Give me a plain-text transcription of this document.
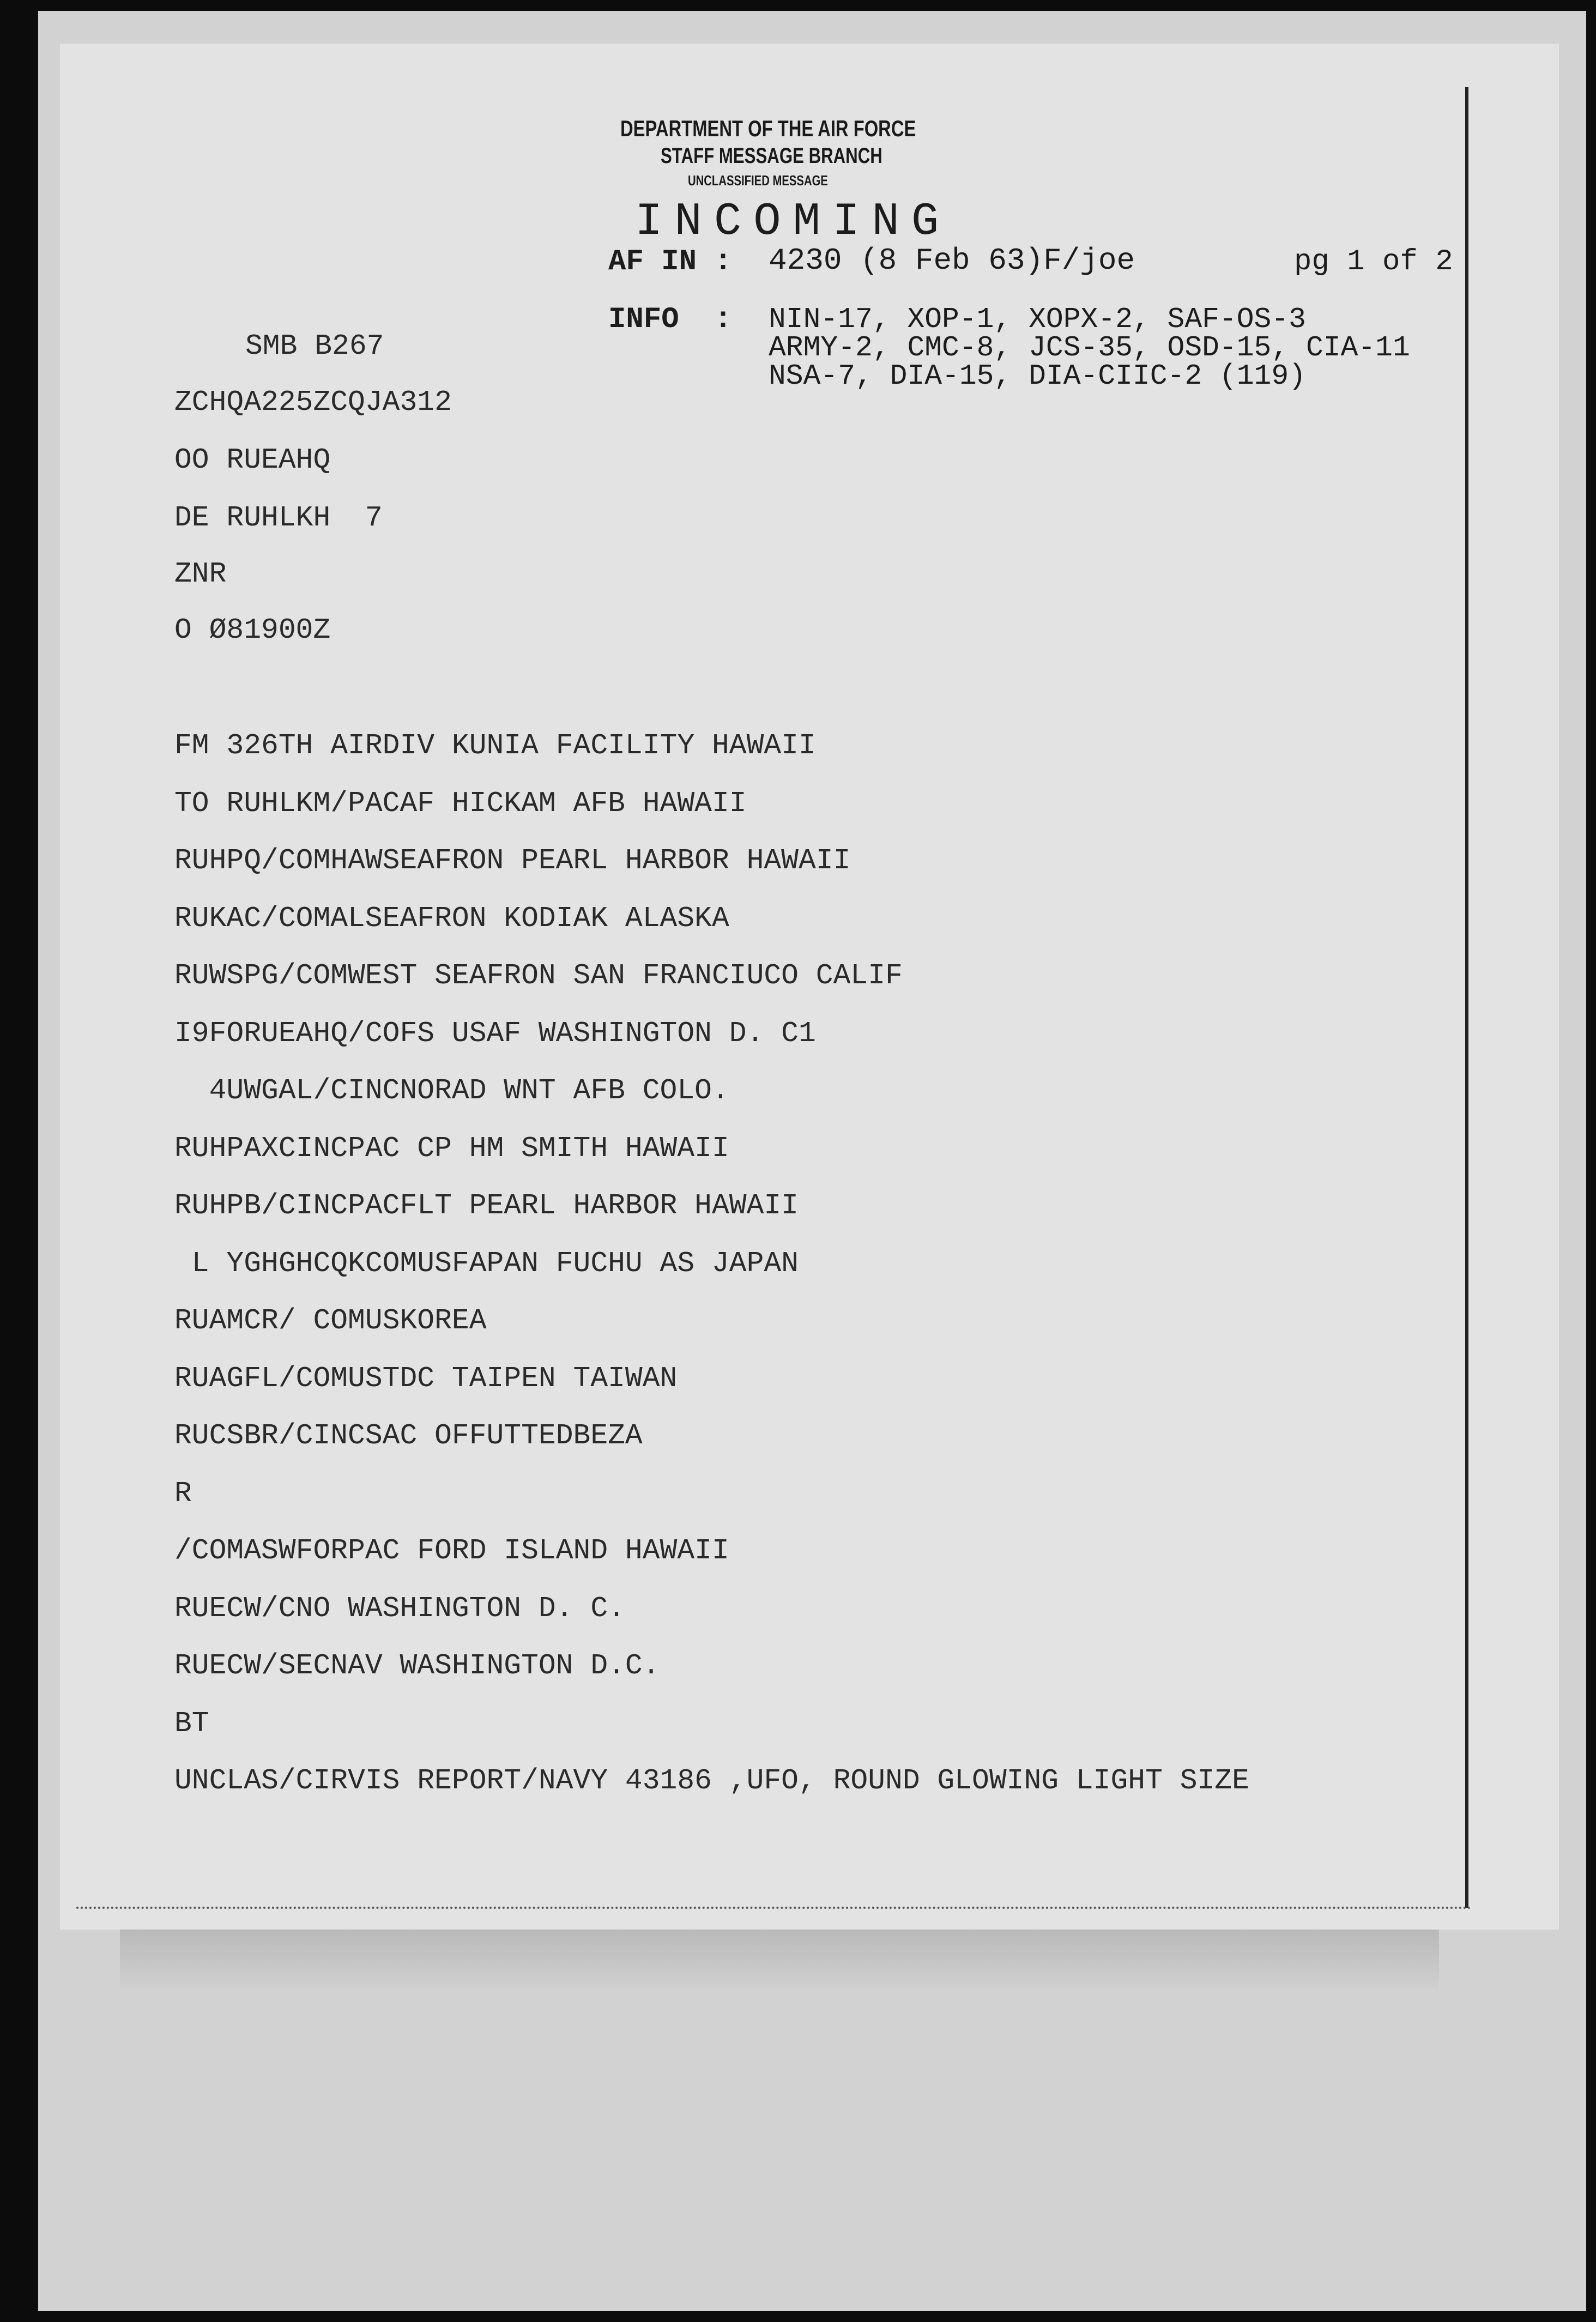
DEPARTMENT OF THE AIR FORCE
STAFF MESSAGE BRANCH
UNCLASSIFIED MESSAGE
INCOMING
AF IN : 4230 (8 Feb 63)F/joe	pg 1 of 2
INFO  : NIN-17, XOP-1, XOPX-2, SAF-OS-3
ARMY-2, CMC-8, JCS-35, OSD-15, CIA-11
NSA-7, DIA-15, DIA-CIIC-2 (119)
SMB B267
ZCHQA225ZCQJA312
OO RUEAHQ
DE RUHLKH  7
ZNR
O Ø81900Z
FM 326TH AIRDIV KUNIA FACILITY HAWAII
TO RUHLKM/PACAF HICKAM AFB HAWAII
RUHPQ/COMHAWSEAFRON PEARL HARBOR HAWAII
RUKAC/COMALSEAFRON KODIAK ALASKA
RUWSPG/COMWEST SEAFRON SAN FRANCIUCO CALIF
I9FORUEAHQ/COFS USAF WASHINGTON D. C1
4UWGAL/CINCNORAD WNT AFB COLO.
RUHPAXCINCPAC CP HM SMITH HAWAII
RUHPB/CINCPACFLT PEARL HARBOR HAWAII
L YGHGHCQKCOMUSFAPAN FUCHU AS JAPAN
RUAMCR/ COMUSKOREA
RUAGFL/COMUSTDC TAIPEN TAIWAN
RUCSBR/CINCSAC OFFUTTEDBEZA
R
/COMASWFORPAC FORD ISLAND HAWAII
RUECW/CNO WASHINGTON D. C.
RUECW/SECNAV WASHINGTON D.C.
BT
UNCLAS/CIRVIS REPORT/NAVY 43186 ,UFO, ROUND GLOWING LIGHT SIZE
